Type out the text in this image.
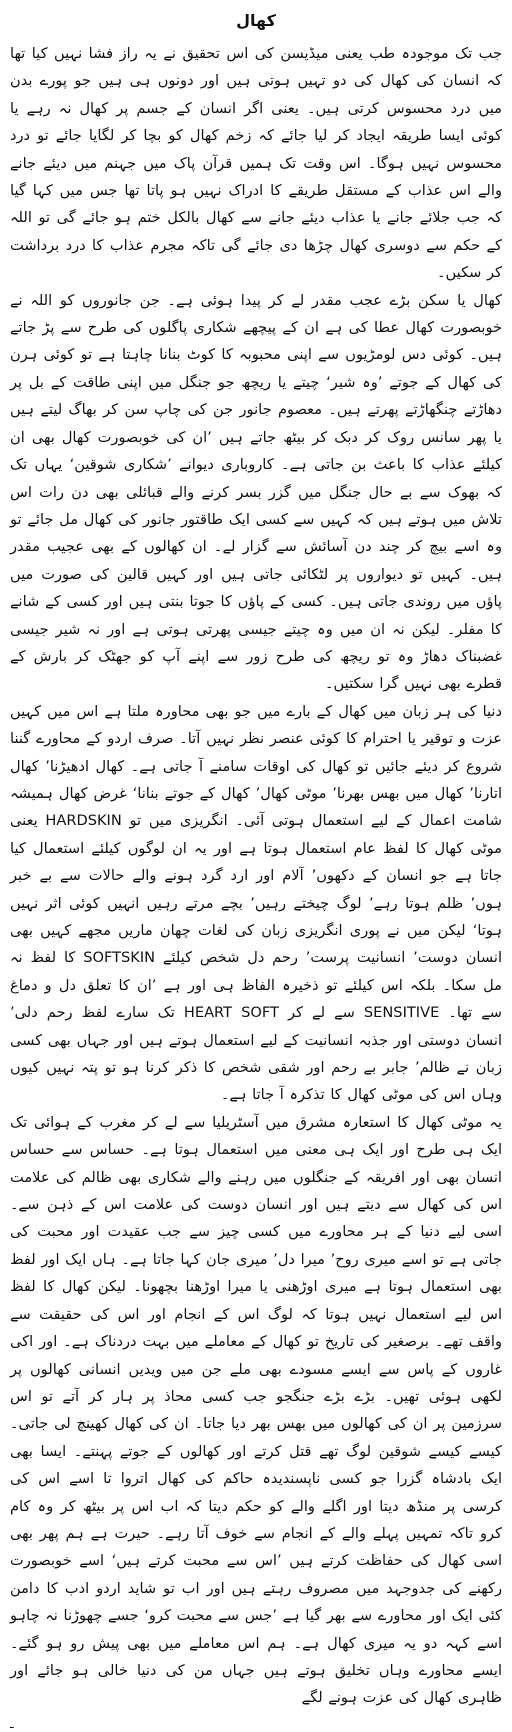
کھال

جب تک موجودہ طب یعنی میڈیسن کی اس تحقیق نے یہ راز فشا نہیں کیا تھا کہ انسان کی کھال کی دو تہیں ہوتی ہیں اور دونوں ہی ہیں جو پورے بدن میں درد محسوس کرتی ہیں۔ یعنی اگر انسان کے جسم پر کھال نہ رہے یا کوئی ایسا طریقہ ایجاد کر لیا جائے کہ زخم کھال کو بچا کر لگایا جائے تو درد محسوس نہیں ہوگا۔ اس وقت تک ہمیں قرآن پاک میں جہنم میں دیئے جانے والے اس عذاب کے مستقل طریقے کا ادراک نہیں ہو پاتا تھا جس میں کہا گیا کہ جب جلائے جانے یا عذاب دیئے جانے سے کھال بالکل ختم ہو جائے گی تو اللہ کے حکم سے دوسری کھال چڑھا دی جائے گی تاکہ مجرم عذاب کا درد برداشت کر سکیں۔

کھال یا سکن بڑے عجب مقدر لے کر پیدا ہوئی ہے۔ جن جانوروں کو اللہ نے خوبصورت کھال عطا کی ہے ان کے پیچھے شکاری پاگلوں کی طرح سے پڑ جاتے ہیں۔ کوئی دس لومڑیوں سے اپنی محبوبہ کا کوٹ بنانا چاہتا ہے تو کوئی ہرن کی کھال کے جوتے ’وہ شیر‘ چیتے یا ریچھ جو جنگل میں اپنی طاقت کے بل پر دھاڑتے چنگھاڑتے پھرتے ہیں۔ معصوم جانور جن کی چاپ سن کر بھاگ لیتے ہیں یا پھر سانس روک کر دبک کر بیٹھ جاتے ہیں ’ان کی خوبصورت کھال بھی ان کیلئے عذاب کا باعث بن جاتی ہے۔ کاروباری دیوانے ’شکاری شوقین‘ یہاں تک کہ بھوک سے بے حال جنگل میں گزر بسر کرنے والے قبائلی بھی دن رات اس تلاش میں ہوتے ہیں کہ کہیں سے کسی ایک طاقتور جانور کی کھال مل جائے تو وہ اسے بیچ کر چند دن آسائش سے گزار لے۔ ان کھالوں کے بھی عجیب مقدر ہیں۔ کہیں تو دیواروں پر لٹکائی جاتی ہیں اور کہیں قالین کی صورت میں پاؤں میں روندی جاتی ہیں۔ کسی کے پاؤں کا جوتا بنتی ہیں اور کسی کے شانے کا مفلر۔ لیکن نہ ان میں وہ چیتے جیسی پھرتی ہوتی ہے اور نہ شیر جیسی غضبناک دھاڑ وہ تو ریچھ کی طرح زور سے اپنے آپ کو جھٹک کر بارش کے قطرے بھی نہیں گرا سکتیں۔

دنیا کی ہر زبان میں کھال کے بارے میں جو بھی محاورہ ملتا ہے اس میں کہیں عزت و توقیر یا احترام کا کوئی عنصر نظر نہیں آتا۔ صرف اردو کے محاورے گننا شروع کر دیئے جائیں تو کھال کی اوقات سامنے آ جاتی ہے۔ کھال ادھیڑنا’ کھال اتارنا’ کھال میں بھس بھرنا’ موٹی کھال’ کھال کے جوتے بنانا‘ غرض کھال ہمیشہ شامت اعمال کے لیے استعمال ہوتی آئی۔ انگریزی میں تو HARDSKIN یعنی موٹی کھال کا لفظ عام استعمال ہوتا ہے اور یہ ان لوگوں کیلئے استعمال کیا جاتا ہے جو انسان کے دکھوں’ آلام اور ارد گرد ہونے والے حالات سے بے خبر ہوں’ ظلم ہوتا رہے’ لوگ چیختے رہیں’ بچے مرتے رہیں انہیں کوئی اثر نہیں ہوتا‘ لیکن میں نے پوری انگریزی زبان کی لغات چھان ماریں مجھے کہیں بھی انسان دوست’ انسانیت پرست’ رحم دل شخص کیلئے SOFTSKIN کا لفظ نہ مل سکا۔ بلکہ اس کیلئے تو ذخیرہ الفاظ ہی اور ہے ’ان کا تعلق دل و دماغ سے تھا۔ SENSITIVE سے لے کر HEART SOFT تک سارے لفظ رحم دلی’ انسان دوستی اور جذبہ انسانیت کے لیے استعمال ہوتے ہیں اور جہاں بھی کسی زبان نے ظالم’ جابر بے رحم اور شقی شخص کا ذکر کرنا ہو تو پتہ نہیں کیوں وہاں اس کی موٹی کھال کا تذکرہ آ جاتا ہے۔

یہ موٹی کھال کا استعارہ مشرق میں آسٹریلیا سے لے کر مغرب کے ہوائی تک ایک ہی طرح اور ایک ہی معنی میں استعمال ہوتا ہے۔ حساس سے حساس انسان بھی اور افریقہ کے جنگلوں میں رہنے والے شکاری بھی ظالم کی علامت اس کی کھال سے دیتے ہیں اور انسان دوست کی علامت اس کے ذہن سے۔ اسی لیے دنیا کے ہر محاورے میں کسی چیز سے جب عقیدت اور محبت کی جاتی ہے تو اسے میری روح’ میرا دل’ میری جان کہا جاتا ہے۔ ہاں ایک اور لفظ بھی استعمال ہوتا ہے میری اوڑھنی یا میرا اوڑھنا بچھونا۔ لیکن کھال کا لفظ اس لیے استعمال نہیں ہوتا کہ لوگ اس کے انجام اور اس کی حقیقت سے واقف تھے۔ برصغیر کی تاریخ تو کھال کے معاملے میں بہت دردناک ہے۔ اور اکی غاروں کے پاس سے ایسے مسودے بھی ملے جن میں ویدیں انسانی کھالوں پر لکھی ہوئی تھیں۔ بڑے بڑے جنگجو جب کسی محاذ پر ہار کر آتے تو اس سرزمین پر ان کی کھالوں میں بھس بھر دیا جاتا۔ ان کی کھال کھینچ لی جاتی۔ کیسے کیسے شوقین لوگ تھے قتل کرتے اور کھالوں کے جوتے پہنتے۔ ایسا بھی ایک بادشاہ گزرا جو کسی ناپسندیدہ حاکم کی کھال اتروا تا اسے اس کی کرسی پر منڈھ دیتا اور اگلے والے کو حکم دیتا کہ اب اس پر بیٹھ کر وہ کام کرو تاکہ تمہیں پہلے والے کے انجام سے خوف آتا رہے۔ حیرت ہے ہم پھر بھی اسی کھال کی حفاظت کرتے ہیں ’اس سے محبت کرتے ہیں‘ اسے خوبصورت رکھنے کی جدوجہد میں مصروف رہتے ہیں اور اب تو شاید اردو ادب کا دامن کئی ایک اور محاورے سے بھر گیا ہے ’جس سے محبت کرو‘ جسے چھوڑنا نہ چاہو اسے کہہ دو یہ میری کھال ہے۔ ہم اس معاملے میں بھی پیش رو ہو گئے۔ ایسے محاورے وہاں تخلیق ہوتے ہیں جہاں من کی دنیا خالی ہو جائے اور ظاہری کھال کی عزت ہونے لگے

ـ
